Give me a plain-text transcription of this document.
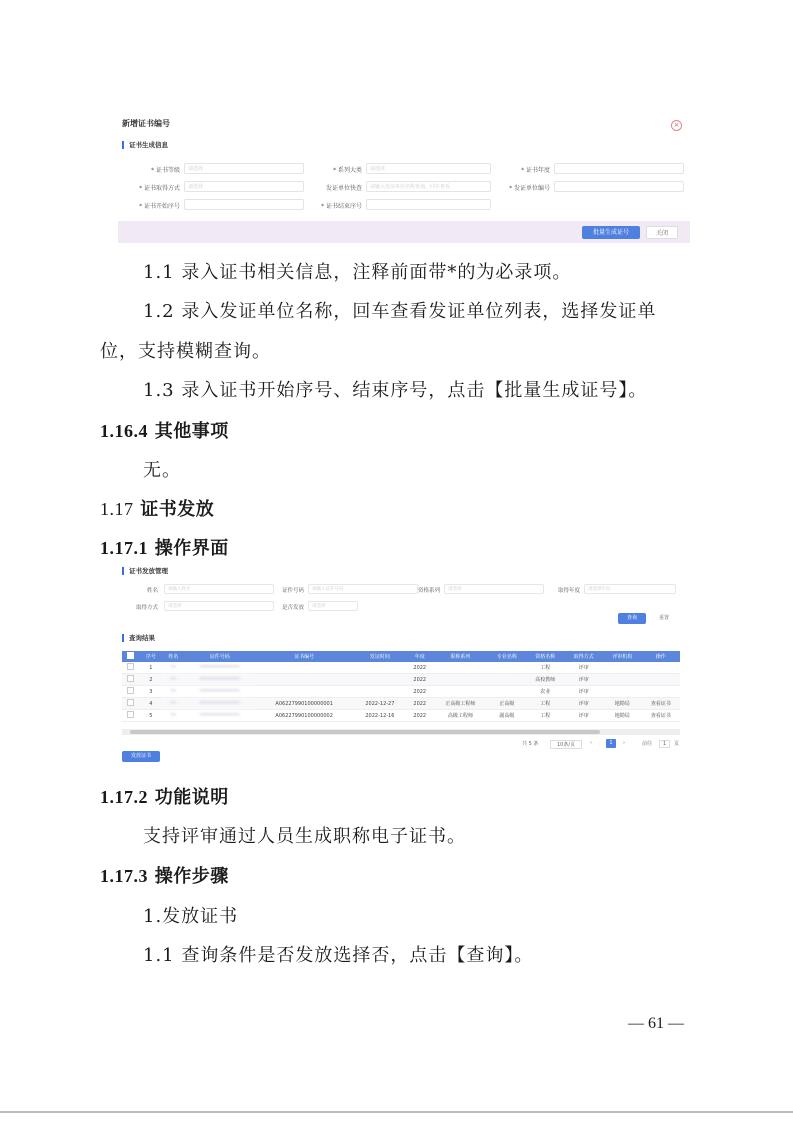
新增证书编号	×
证书生成信息
* 证书等级	请选择	* 系列大类	请选择	* 证书年度
* 证书取得方式	请选择	发证单位快查	请输入发证单位名称查询，回车查看	* 发证单位编号
* 证书开始序号	* 证书结束序号
批量生成证号	关闭
1.1 录入证书相关信息，注释前面带*的为必录项。
1.2 录入发证单位名称，回车查看发证单位列表，选择发证单
位，支持模糊查询。
1.3 录入证书开始序号、结束序号，点击【批量生成证号】。
1.16.4 其他事项
无。
1.17 证书发放
1.17.1 操作界面
证书发放管理
姓名	请输入姓名	证件号码	请输入证件号码	资格系列	请选择	取得年度	请选择年份
取得方式	请选择	是否发放	请选择
查询	重置
查询结果
	序号	姓名	证件号码	证书编号	发证时间	年度	职称系列	专业名称	资格名称	取得方式	评审机构	操作
	1	**	****************			2022			工程	评审		
	2	**	****************			2022			高校教师	评审		
	3	**	****************			2022			农业	评审		
	4	**	****************	A06227990100000001	2022-12-27	2022	正高级工程师	正高级	工程	评审	地勘局	查看证书
	5	**	****************	A06227990100000002	2022-12-16	2022	高级工程师	副高级	工程	评审	地勘局	查看证书
共 5 条	10条/页	‹	1	›	前往	1	页
发放证书
1.17.2 功能说明
支持评审通过人员生成职称电子证书。
1.17.3 操作步骤
1.发放证书
1.1 查询条件是否发放选择否，点击【查询】。
— 61 —
